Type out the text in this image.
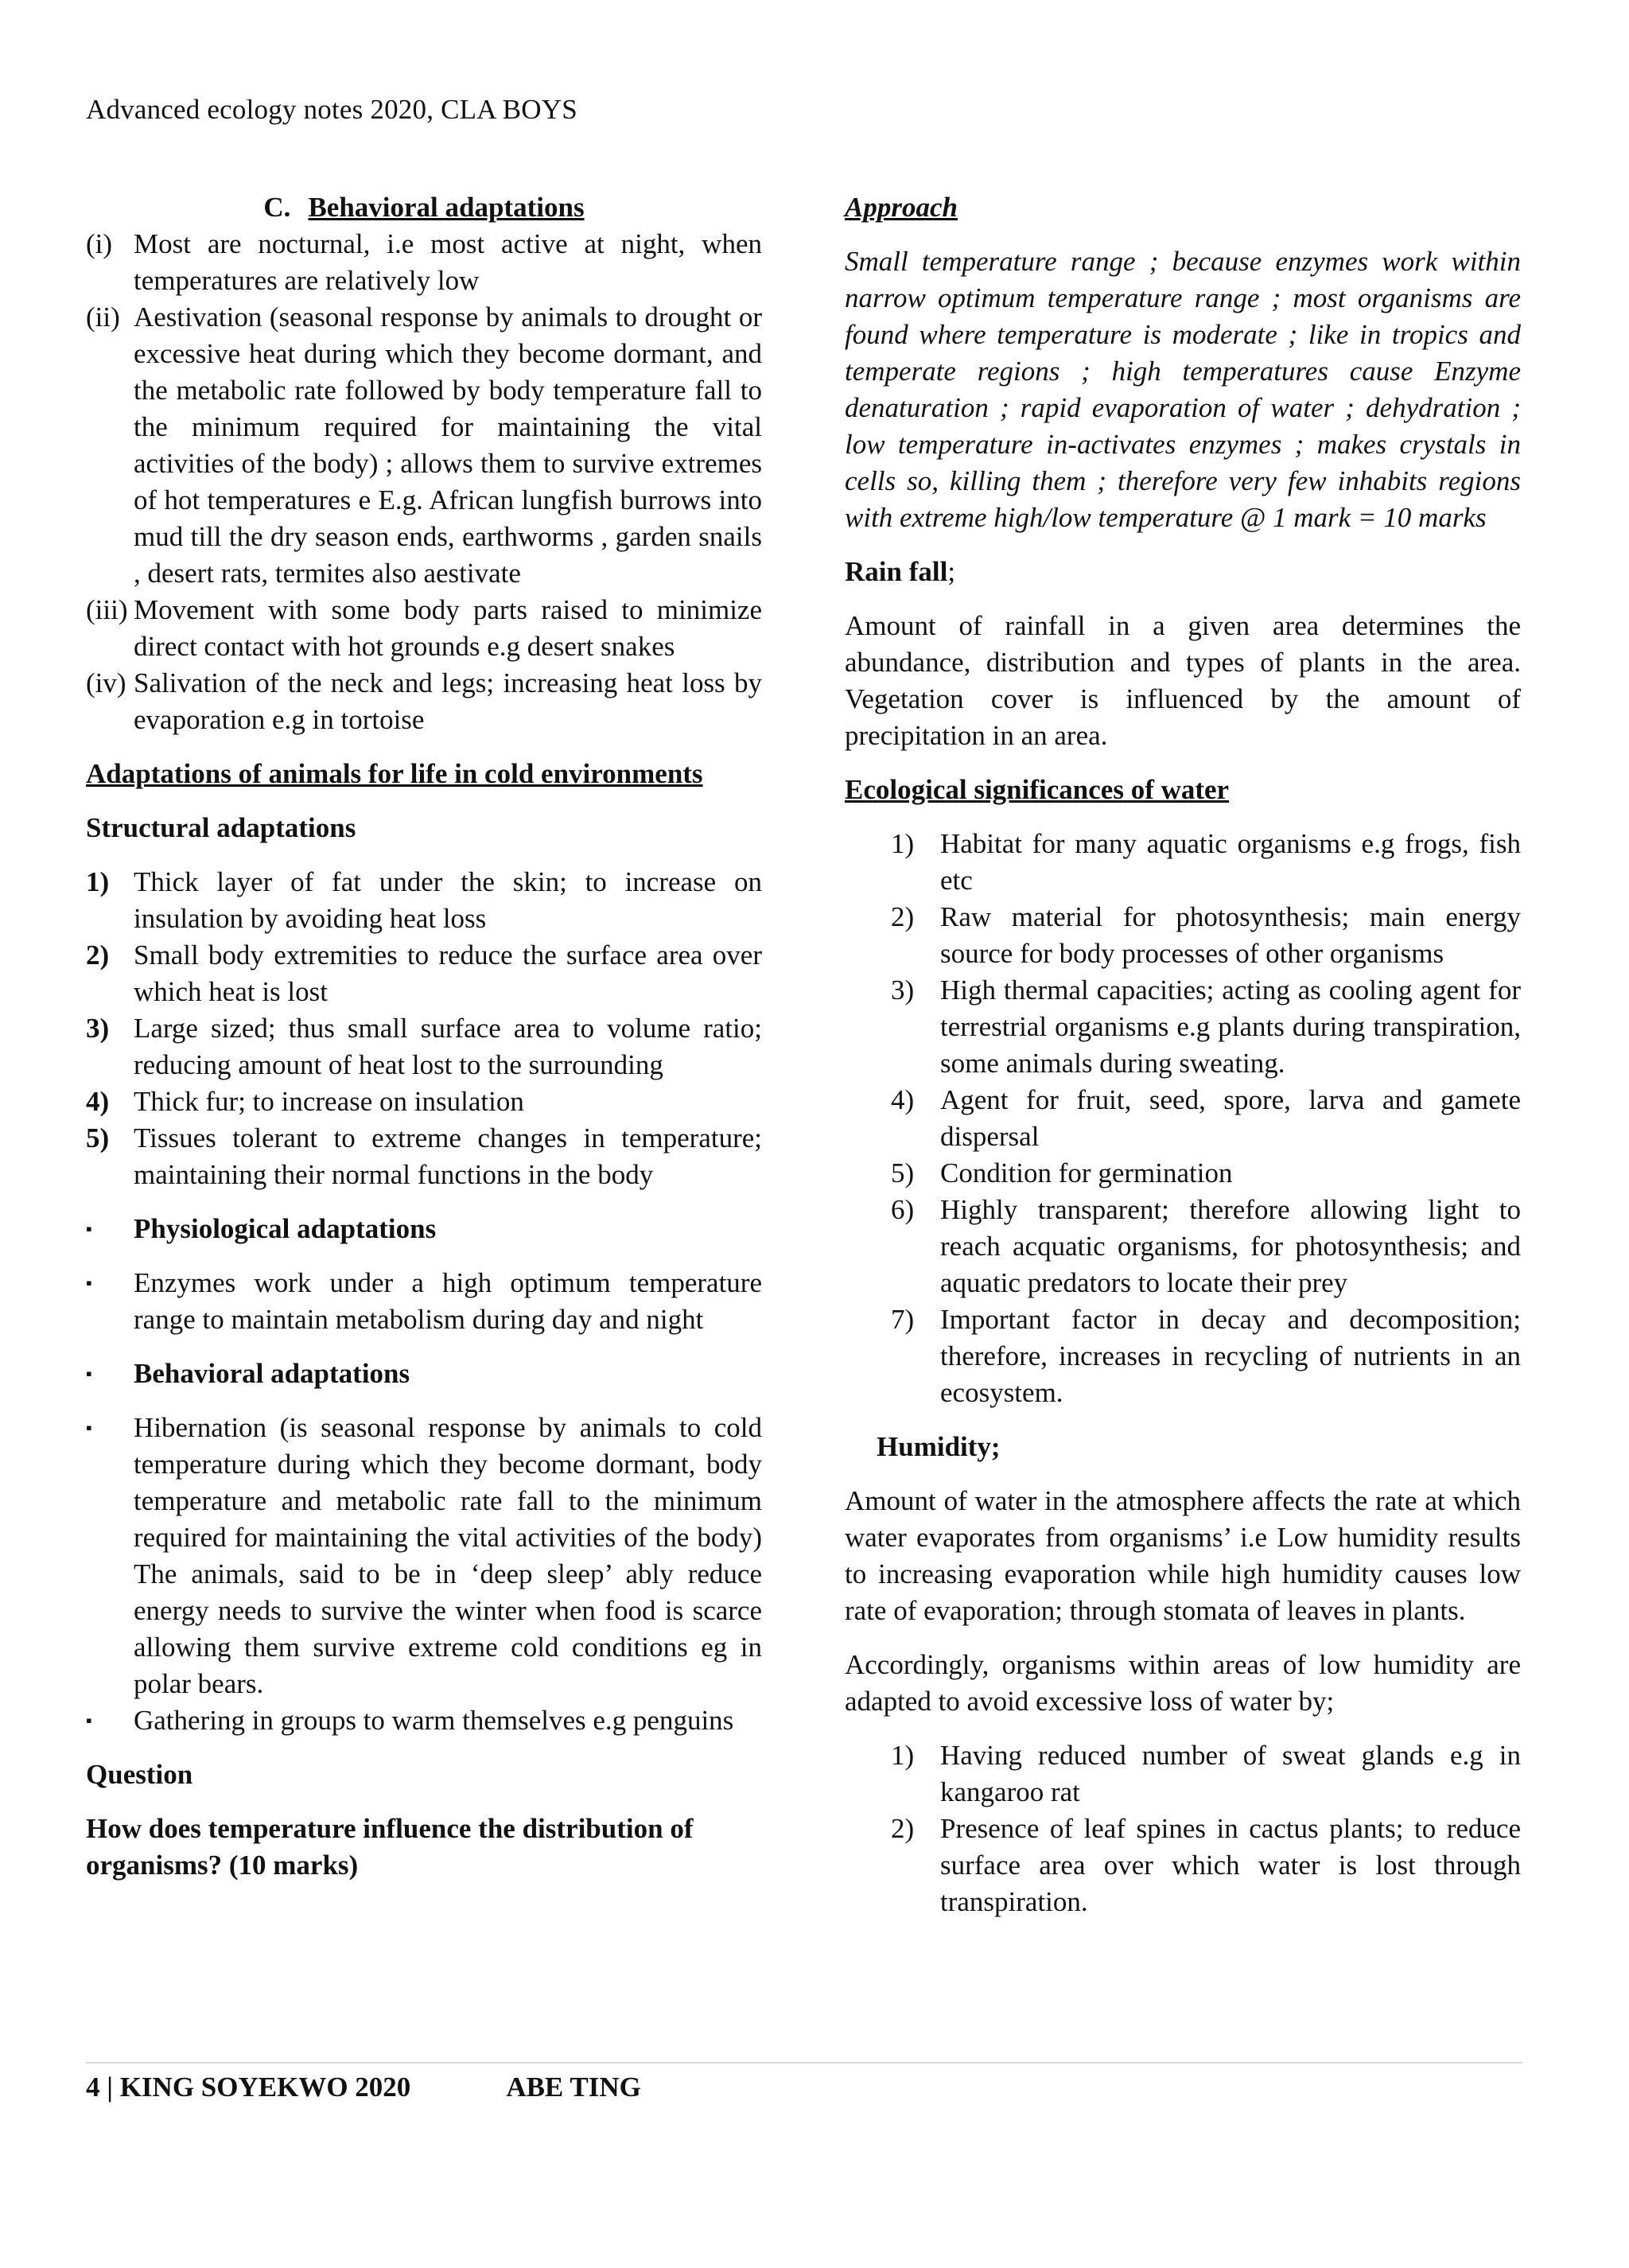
Advanced ecology notes 2020, CLA BOYS
C. Behavioral adaptations
(i) Most are nocturnal, i.e most active at night, when temperatures are relatively low
(ii) Aestivation (seasonal response by animals to drought or excessive heat during which they become dormant, and the metabolic rate followed by body temperature fall to the minimum required for maintaining the vital activities of the body) ; allows them to survive extremes of hot temperatures e E.g. African lungfish burrows into mud till the dry season ends, earthworms , garden snails , desert rats, termites also aestivate
(iii) Movement with some body parts raised to minimize direct contact with hot grounds e.g desert snakes
(iv) Salivation of the neck and legs; increasing heat loss by evaporation e.g in tortoise
Adaptations of animals for life in cold environments
Structural adaptations
1) Thick layer of fat under the skin; to increase on insulation by avoiding heat loss
2) Small body extremities to reduce the surface area over which heat is lost
3) Large sized; thus small surface area to volume ratio; reducing amount of heat lost to the surrounding
4) Thick fur; to increase on insulation
5) Tissues tolerant to extreme changes in temperature; maintaining their normal functions in the body
▪	Physiological adaptations
▪	Enzymes work under a high optimum temperature range to maintain metabolism during day and night
▪	Behavioral adaptations
▪	Hibernation (is seasonal response by animals to cold temperature during which they become dormant, body temperature and metabolic rate fall to the minimum required for maintaining the vital activities of the body) The animals, said to be in ‘deep sleep’ ably reduce energy needs to survive the winter when food is scarce allowing them survive extreme cold conditions eg in polar bears.
▪	Gathering in groups to warm themselves e.g penguins
Question
How does temperature influence the distribution of organisms? (10 marks)
Approach
Small temperature range ; because enzymes work within narrow optimum temperature range ; most organisms are found where temperature is moderate ; like in tropics and temperate regions ; high temperatures cause Enzyme denaturation ; rapid evaporation of water ; dehydration ; low temperature in-activates enzymes ; makes crystals in cells so, killing them ; therefore very few inhabits regions with extreme high/low temperature @ 1 mark = 10 marks
Rain fall;
Amount of rainfall in a given area determines the abundance, distribution and types of plants in the area. Vegetation cover is influenced by the amount of precipitation in an area.
Ecological significances of water
1) Habitat for many aquatic organisms e.g frogs, fish etc
2) Raw material for photosynthesis; main energy source for body processes of other organisms
3) High thermal capacities; acting as cooling agent for terrestrial organisms e.g plants during transpiration, some animals during sweating.
4) Agent for fruit, seed, spore, larva and gamete dispersal
5) Condition for germination
6) Highly transparent; therefore allowing light to reach acquatic organisms, for photosynthesis; and aquatic predators to locate their prey
7) Important factor in decay and decomposition; therefore, increases in recycling of nutrients in an ecosystem.
Humidity;
Amount of water in the atmosphere affects the rate at which water evaporates from organisms’ i.e Low humidity results to increasing evaporation while high humidity causes low rate of evaporation; through stomata of leaves in plants.
Accordingly, organisms within areas of low humidity are adapted to avoid excessive loss of water by;
1) Having reduced number of sweat glands e.g in kangaroo rat
2) Presence of leaf spines in cactus plants; to reduce surface area over which water is lost through transpiration.
4 | KING SOYEKWO 2020	ABE TING
